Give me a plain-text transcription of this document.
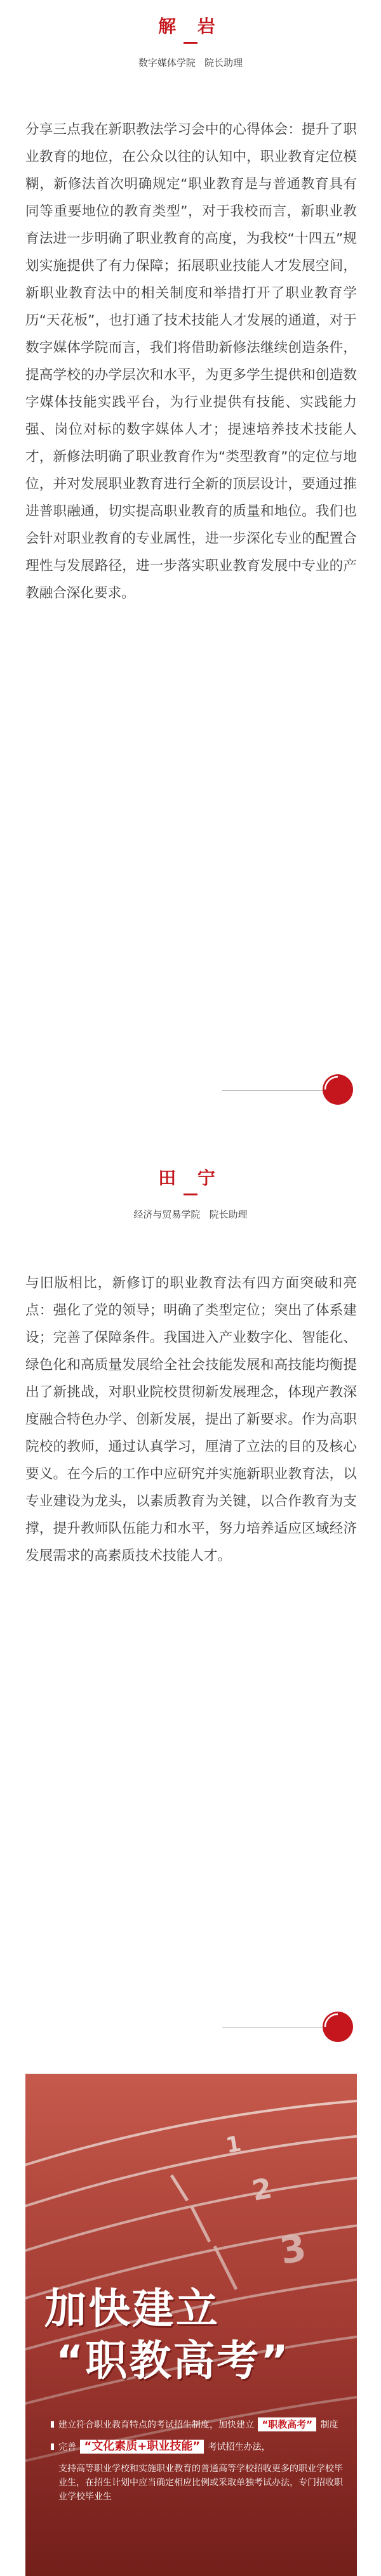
解 岩
数字媒体学院   院长助理

分享三点我在新职教法学习会中的心得体会：提升了职业教育的地位，在公众以往的认知中，职业教育定位模糊，新修法首次明确规定“职业教育是与普通教育具有同等重要地位的教育类型”，对于我校而言，新职业教育法进一步明确了职业教育的高度，为我校“十四五”规划实施提供了有力保障；拓展职业技能人才发展空间，新职业教育法中的相关制度和举措打开了职业教育学历“天花板”，也打通了技术技能人才发展的通道，对于数字媒体学院而言，我们将借助新修法继续创造条件，提高学校的办学层次和水平，为更多学生提供和创造数字媒体技能实践平台，为行业提供有技能、实践能力强、岗位对标的数字媒体人才；提速培养技术技能人才，新修法明确了职业教育作为“类型教育”的定位与地位，并对发展职业教育进行全新的顶层设计，要通过推进普职融通，切实提高职业教育的质量和地位。我们也会针对职业教育的专业属性，进一步深化专业的配置合理性与发展路径，进一步落实职业教育发展中专业的产教融合深化要求。

田 宁
经济与贸易学院   院长助理

与旧版相比，新修订的职业教育法有四方面突破和亮点：强化了党的领导；明确了类型定位；突出了体系建设；完善了保障条件。我国进入产业数字化、智能化、绿色化和高质量发展给全社会技能发展和高技能均衡提出了新挑战，对职业院校贯彻新发展理念，体现产教深度融合特色办学、创新发展，提出了新要求。作为高职院校的教师，通过认真学习，厘清了立法的目的及核心要义。在今后的工作中应研究并实施新职业教育法，以专业建设为龙头，以素质教育为关键，以合作教育为支撑，提升教师队伍能力和水平，努力培养适应区域经济发展需求的高素质技术技能人才。

加快建立
“职教高考”
建立符合职业教育特点的考试招生制度，加快建立 “职教高考” 制度
完善 “文化素质+职业技能” 考试招生办法，
支持高等职业学校和实施职业教育的普通高等学校招收更多的职业学校毕业生，在招生计划中应当确定相应比例或采取单独考试办法，专门招收职业学校毕业生
